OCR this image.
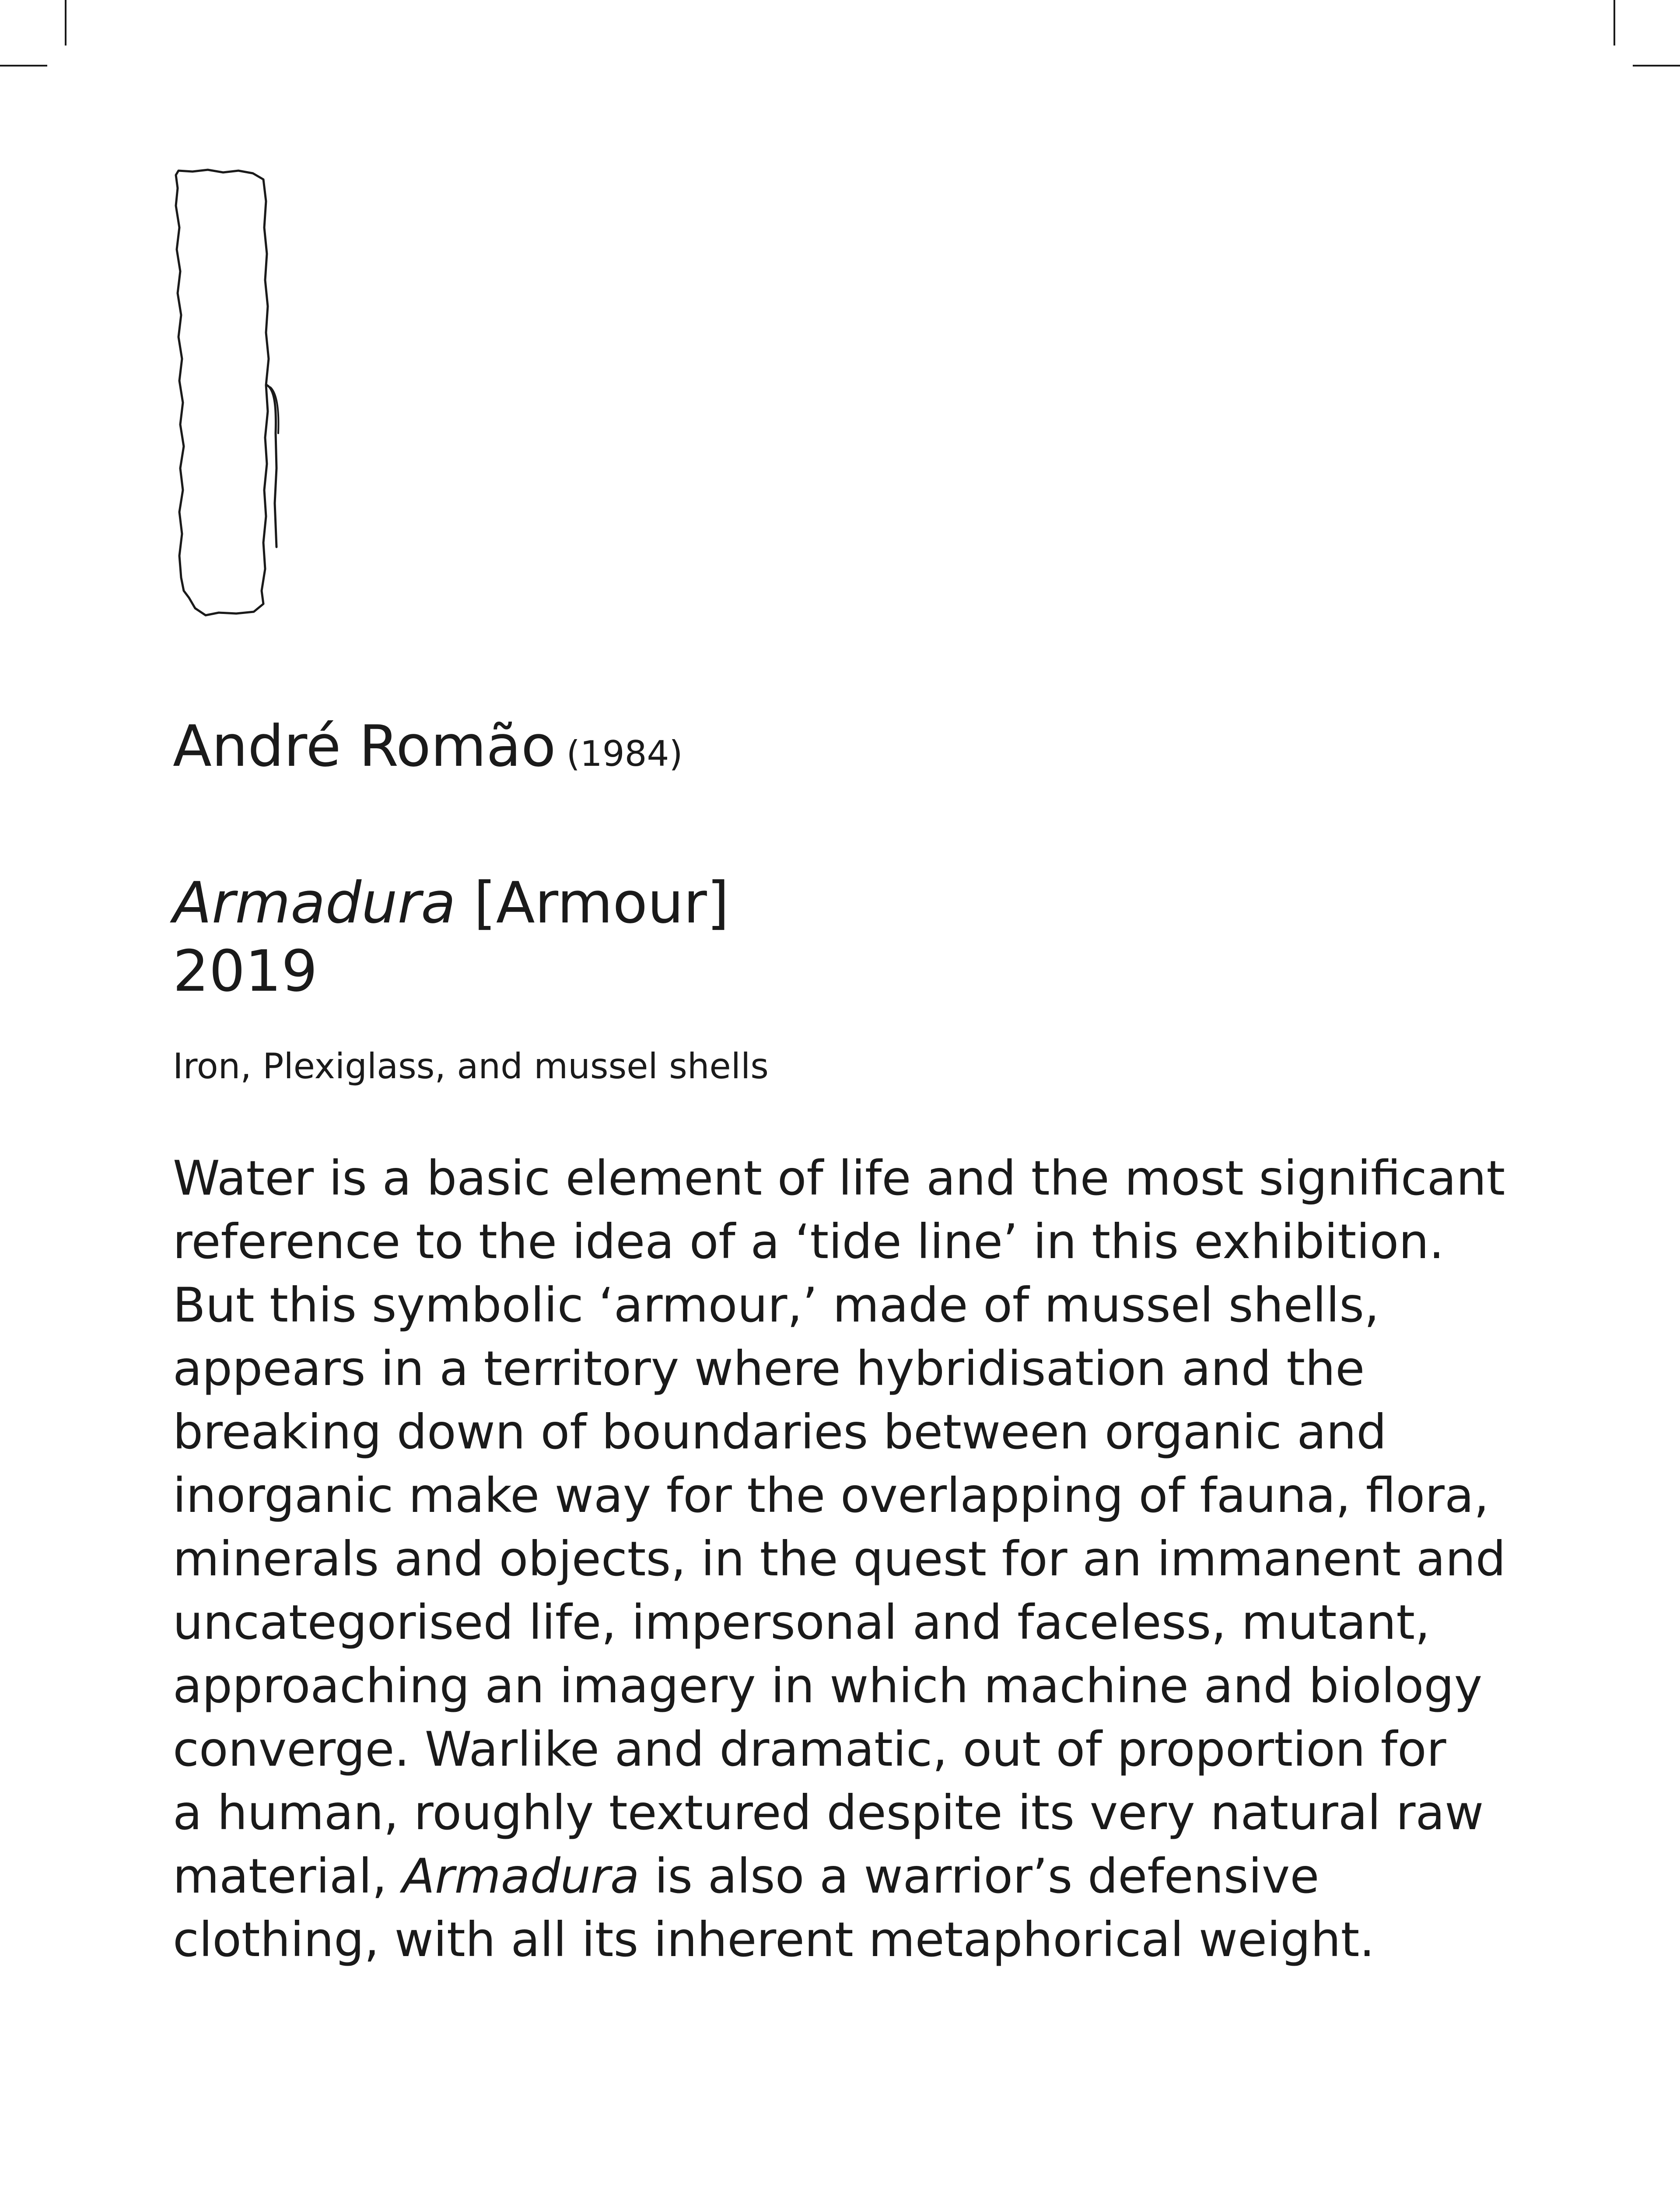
André Romão (1984)
Armadura [Armour]
2019
Iron, Plexiglass, and mussel shells
Water is a basic element of life and the most significant
reference to the idea of a ‘tide line’ in this exhibition.
But this symbolic ‘armour,’ made of mussel shells,
appears in a territory where hybridisation and the
breaking down of boundaries between organic and
inorganic make way for the overlapping of fauna, flora,
minerals and objects, in the quest for an immanent and
uncategorised life, impersonal and faceless, mutant,
approaching an imagery in which machine and biology
converge. Warlike and dramatic, out of proportion for
a human, roughly textured despite its very natural raw
material, Armadura is also a warrior’s defensive
clothing, with all its inherent metaphorical weight.
